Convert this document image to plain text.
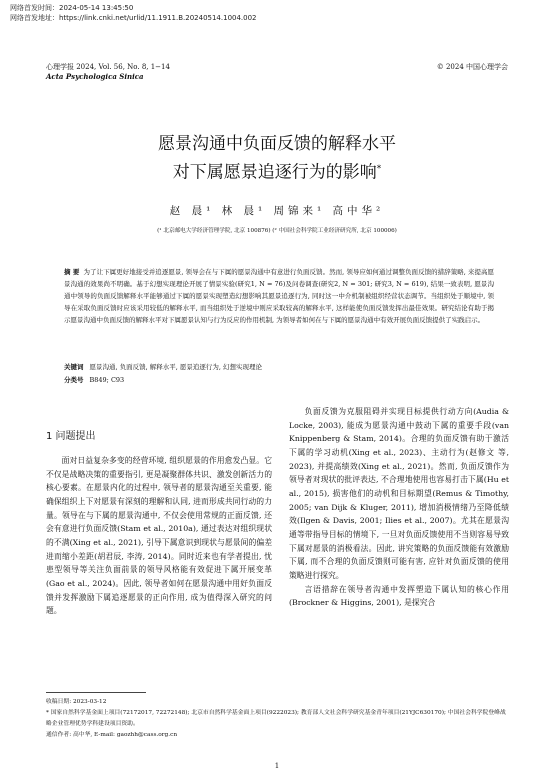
网络首发时间：2024-05-14 13:45:50
网络首发地址：https://link.cnki.net/urlid/11.1911.B.20240514.1004.002
心理学报 2024, Vol. 56, No. 8, 1−14	© 2024 中国心理学会
Acta Psychologica Sinica
愿景沟通中负面反馈的解释水平
对下属愿景追逐行为的影响*
赵 晨¹ 林 晨¹ 周锦来¹ 高中华²
(¹ 北京邮电大学经济管理学院, 北京 100876) (² 中国社会科学院工业经济研究所, 北京 100006)
摘 要 为了让下属更好地接受并追逐愿景, 领导会在与下属的愿景沟通中有意进行负面反馈。然而, 领导应如何通过调整负面反馈的措辞策略, 来提高愿景沟通的效果尚不明确。基于幻想实现理论开展了情景实验(研究1, N = 76)及问卷调查(研究2, N = 301; 研究3, N = 619), 结果一致表明, 愿景沟通中领导的负面反馈解释水平能够通过下属的愿景实现塑造幻想影响其愿景追逐行为, 同时这一中介机制被组织经营状态调节。当组织处于顺境中, 领导在采取负面反馈时应该采用较低的解释水平, 而当组织处于逆境中则应采取较高的解释水平, 这样能使负面反馈发挥出最佳效果。研究结论有助于揭示愿景沟通中负面反馈的解释水平对下属愿景认知与行为反应的作用机制, 为领导者如何在与下属的愿景沟通中有效开展负面反馈提供了实践启示。
关键词 愿景沟通, 负面反馈, 解释水平, 愿景追逐行为, 幻想实现理论
分类号 B849; C93
1 问题提出

面对日益复杂多变的经营环境, 组织愿景的作用愈发凸显。它不仅是战略决策的重要指引, 更是凝聚群体共识、激发创新活力的核心要素。在愿景内化的过程中, 领导者的愿景沟通至关重要, 能确保组织上下对愿景有深刻的理解和认同, 进而形成共同行动的力量。领导在与下属的愿景沟通中, 不仅会使用常规的正面反馈, 还会有意进行负面反馈(Stam et al., 2010a), 通过表达对组织现状的不满(Xing et al., 2021), 引导下属意识到现状与愿景间的偏差进而缩小差距(胡君辰, 李涛, 2014)。同时近来也有学者提出, 忧患型领导等关注负面前景的领导风格能有效促进下属开展变革(Gao et al., 2024)。因此, 领导者如何在愿景沟通中用好负面反馈并发挥激励下属追逐愿景的正向作用, 成为值得深入研究的问题。

负面反馈为克服阻碍并实现目标提供行动方向(Audia & Locke, 2003), 能成为愿景沟通中鼓动下属的重要手段(van Knippenberg & Stam, 2014)。合理的负面反馈有助于激活下属的学习动机(Xing et al., 2023)、主动行为(赵修文 等, 2023), 并提高绩效(Xing et al., 2021)。然而, 负面反馈作为领导者对现状的批评表达, 不合理地使用也容易打击下属(Hu et al., 2015), 损害他们的动机和目标期望(Remus & Timothy, 2005; van Dijk & Kluger, 2011), 增加消极情绪乃至降低绩效(Ilgen & Davis, 2001; Ilies et al., 2007)。尤其在愿景沟通等带指导目标的情境下, 一旦对负面反馈使用不当则容易导致下属对愿景的消极看法。因此, 讲究策略的负面反馈能有效激励下属, 而不合理的负面反馈则可能有害, 应针对负面反馈的使用策略进行探究。

言语措辞在领导者沟通中发挥塑造下属认知的核心作用(Brockner & Higgins, 2001), 是探究合

收稿日期: 2023-03-12
* 国家自然科学基金面上项目(72172017, 72272148); 北京市自然科学基金面上项目(9222023); 教育部人文社会科学研究基金青年项目(21YJC630170); 中国社会科学院登峰战略企业管理优势学科建设项目资助。
通信作者: 高中华, E-mail: gaozhh@cass.org.cn
1
